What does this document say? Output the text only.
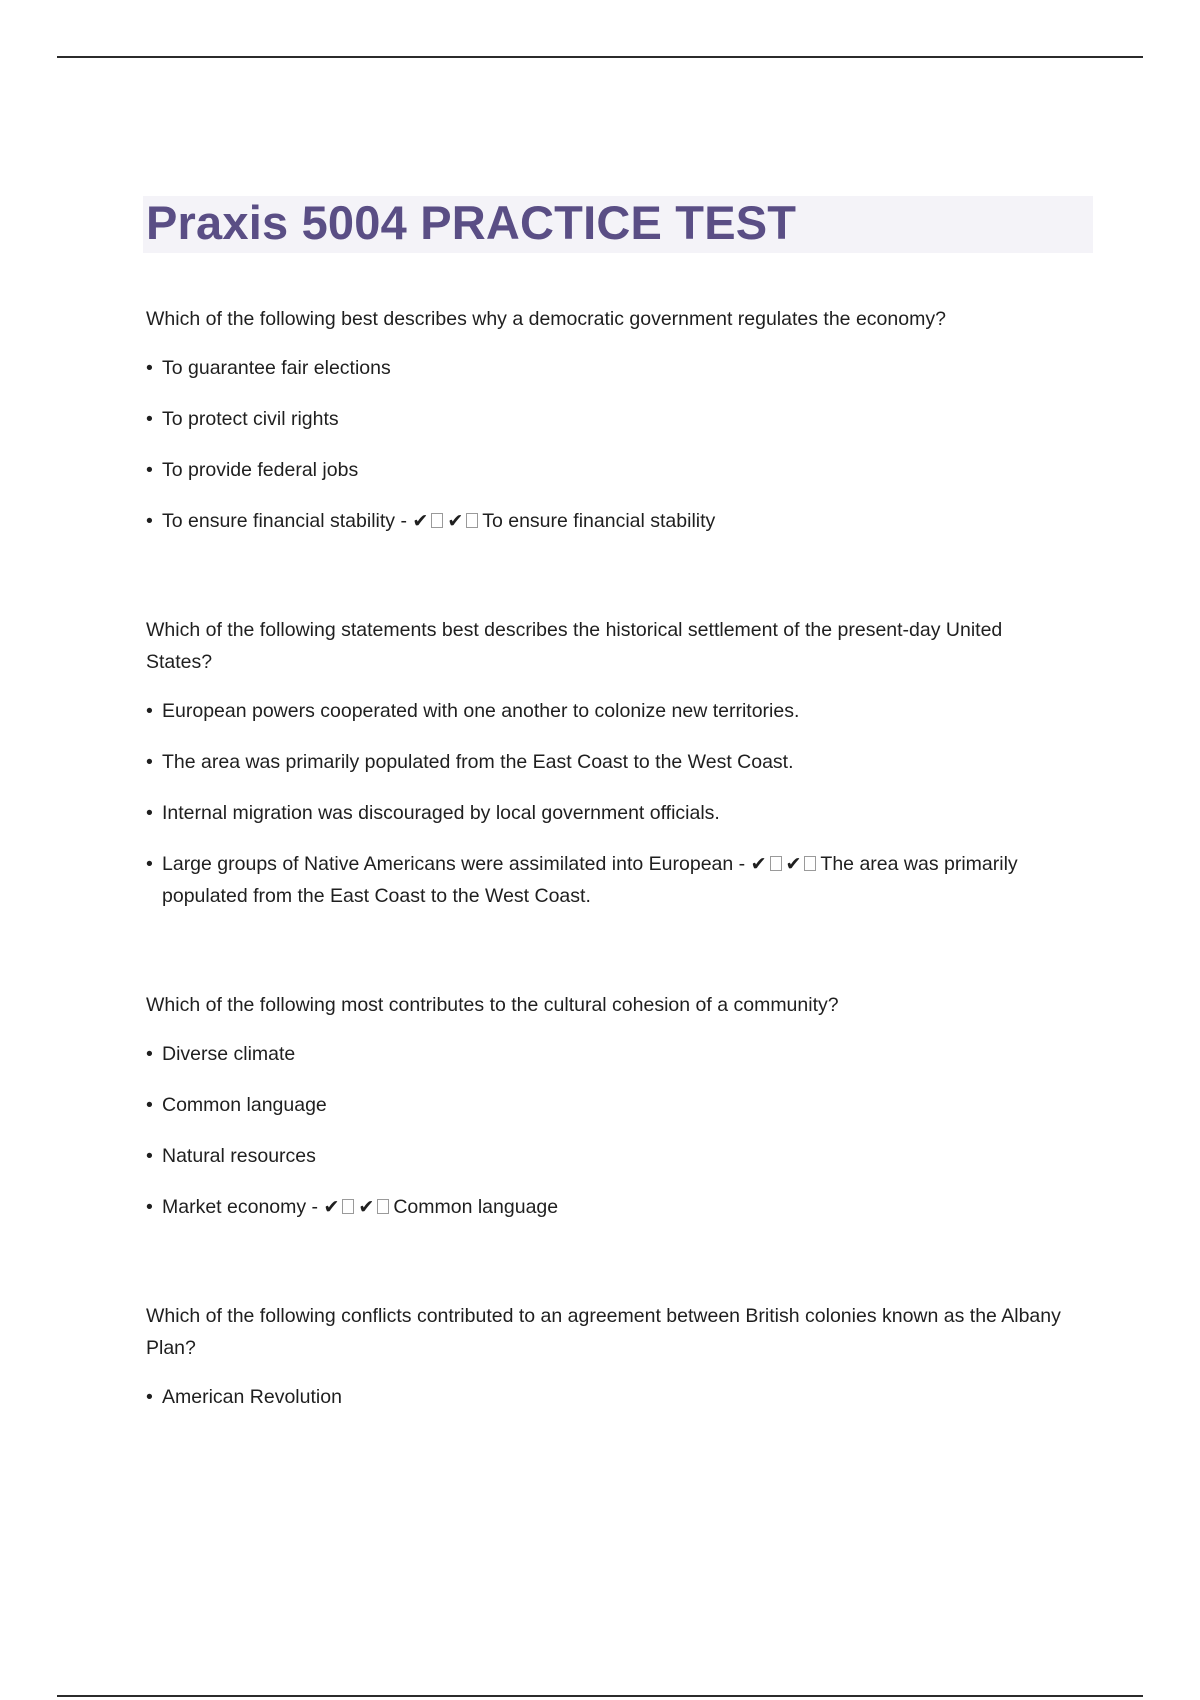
Praxis 5004 PRACTICE TEST

Which of the following best describes why a democratic government regulates the economy?

• To guarantee fair elections
• To protect civil rights
• To provide federal jobs
• To ensure financial stability - ✔ ✔ To ensure financial stability

Which of the following statements best describes the historical settlement of the present-day United States?

• European powers cooperated with one another to colonize new territories.
• The area was primarily populated from the East Coast to the West Coast.
• Internal migration was discouraged by local government officials.
• Large groups of Native Americans were assimilated into European - ✔ ✔ The area was primarily populated from the East Coast to the West Coast.

Which of the following most contributes to the cultural cohesion of a community?

• Diverse climate
• Common language
• Natural resources
• Market economy - ✔ ✔ Common language

Which of the following conflicts contributed to an agreement between British colonies known as the Albany Plan?

• American Revolution
